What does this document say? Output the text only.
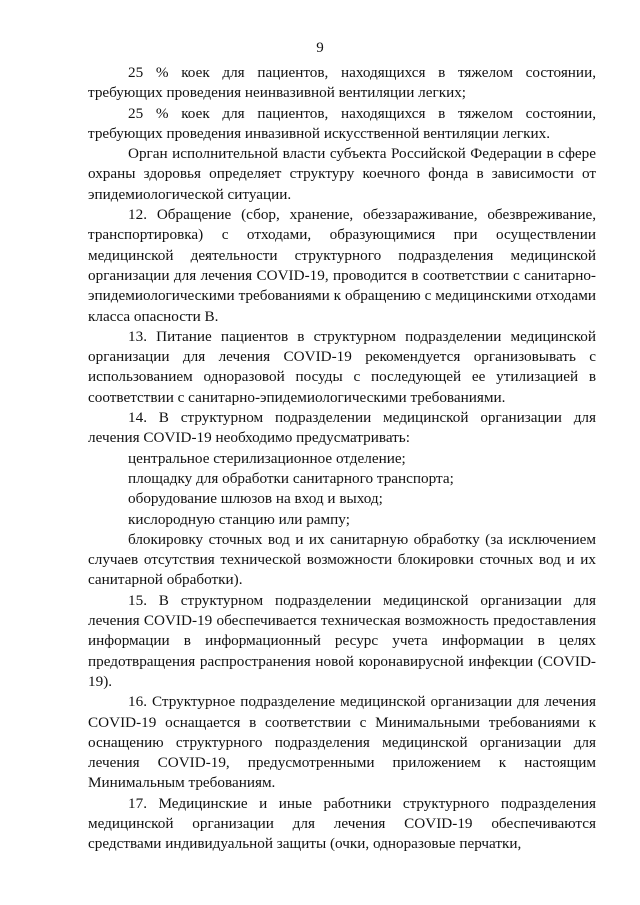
9

25 % коек для пациентов, находящихся в тяжелом состоянии, требующих проведения неинвазивной вентиляции легких;

25 % коек для пациентов, находящихся в тяжелом состоянии, требующих проведения инвазивной искусственной вентиляции легких.

Орган исполнительной власти субъекта Российской Федерации в сфере охраны здоровья определяет структуру коечного фонда в зависимости от эпидемиологической ситуации.

12. Обращение (сбор, хранение, обеззараживание, обезвреживание, транспортировка) с отходами, образующимися при осуществлении медицинской деятельности структурного подразделения медицинской организации для лечения COVID-19, проводится в соответствии с санитарно-эпидемиологическими требованиями к обращению с медицинскими отходами класса опасности В.

13. Питание пациентов в структурном подразделении медицинской организации для лечения COVID-19 рекомендуется организовывать с использованием одноразовой посуды с последующей ее утилизацией в соответствии с санитарно-эпидемиологическими требованиями.

14. В структурном подразделении медицинской организации для лечения COVID-19 необходимо предусматривать:

центральное стерилизационное отделение;

площадку для обработки санитарного транспорта;

оборудование шлюзов на вход и выход;

кислородную станцию или рампу;

блокировку сточных вод и их санитарную обработку (за исключением случаев отсутствия технической возможности блокировки сточных вод и их санитарной обработки).

15. В структурном подразделении медицинской организации для лечения COVID-19 обеспечивается техническая возможность предоставления информации в информационный ресурс учета информации в целях предотвращения распространения новой коронавирусной инфекции (COVID-19).

16. Структурное подразделение медицинской организации для лечения COVID-19 оснащается в соответствии с Минимальными требованиями к оснащению структурного подразделения медицинской организации для лечения COVID-19, предусмотренными приложением к настоящим Минимальным требованиям.

17. Медицинские и иные работники структурного подразделения медицинской организации для лечения COVID-19 обеспечиваются средствами индивидуальной защиты (очки, одноразовые перчатки,
